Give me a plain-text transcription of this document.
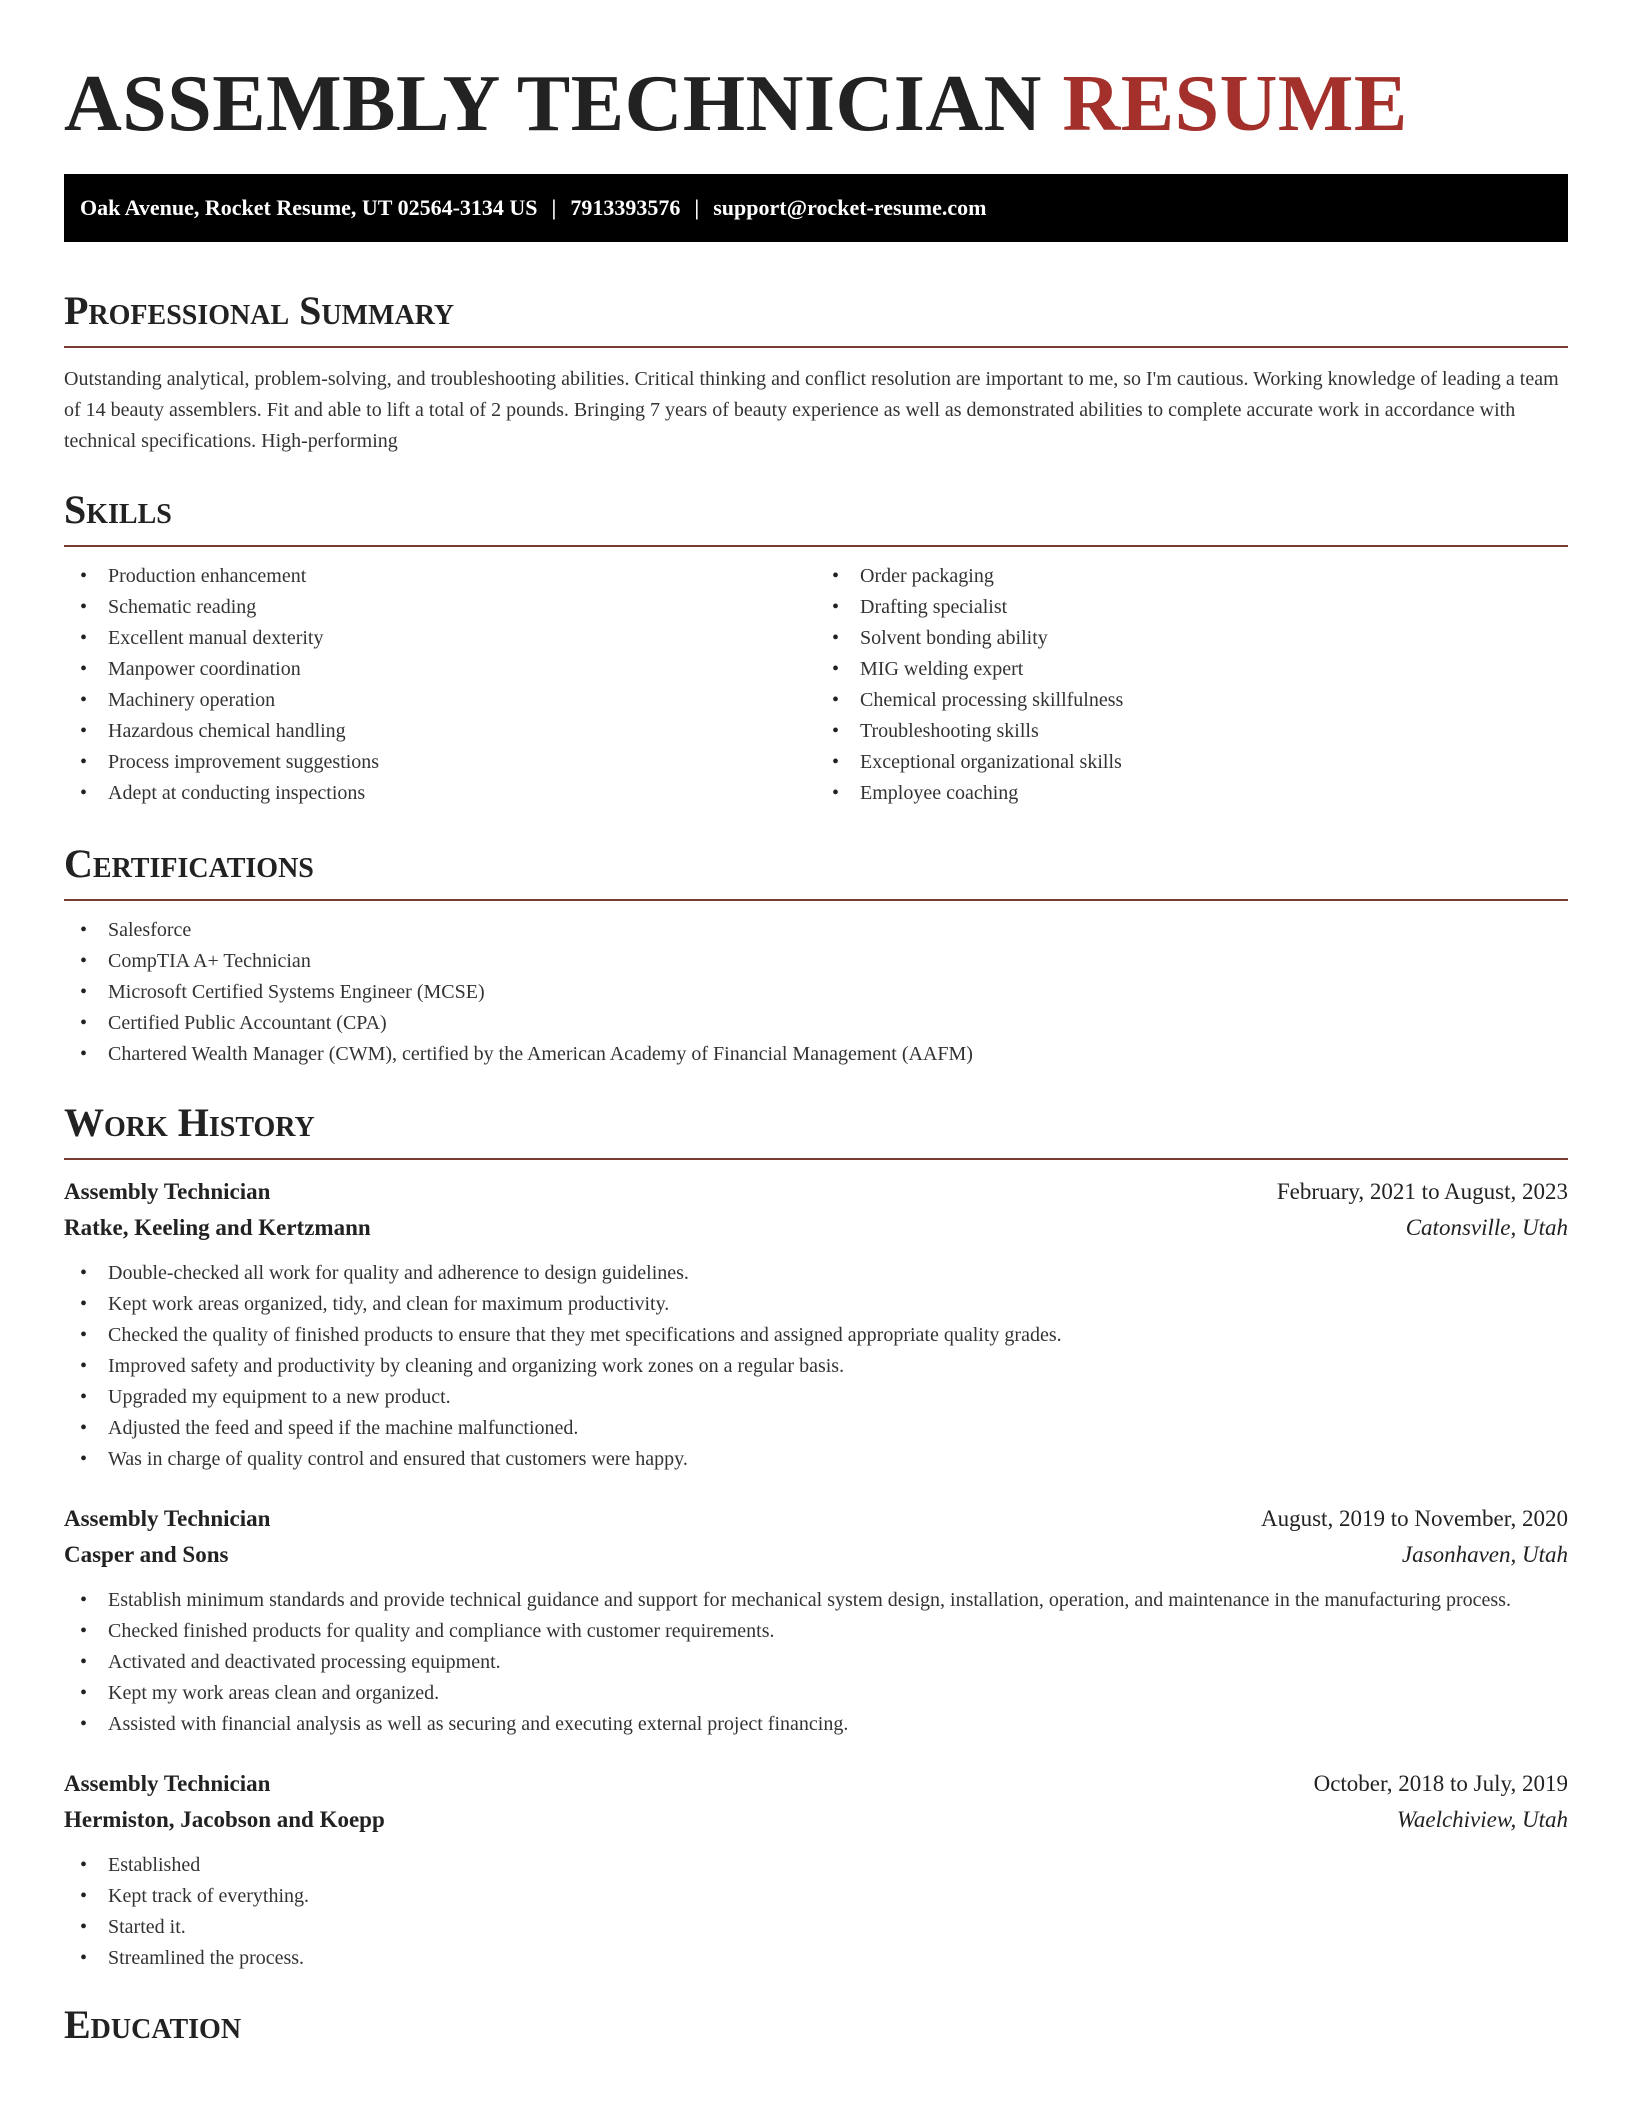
ASSEMBLY TECHNICIAN RESUME
Oak Avenue, Rocket Resume, UT 02564-3134 US | 7913393576 | support@rocket-resume.com
Professional Summary
Outstanding analytical, problem-solving, and troubleshooting abilities. Critical thinking and conflict resolution are important to me, so I'm cautious. Working knowledge of leading a team of 14 beauty assemblers. Fit and able to lift a total of 2 pounds. Bringing 7 years of beauty experience as well as demonstrated abilities to complete accurate work in accordance with technical specifications. High-performing
Skills
• Production enhancement
• Schematic reading
• Excellent manual dexterity
• Manpower coordination
• Machinery operation
• Hazardous chemical handling
• Process improvement suggestions
• Adept at conducting inspections
• Order packaging
• Drafting specialist
• Solvent bonding ability
• MIG welding expert
• Chemical processing skillfulness
• Troubleshooting skills
• Exceptional organizational skills
• Employee coaching
Certifications
• Salesforce
• CompTIA A+ Technician
• Microsoft Certified Systems Engineer (MCSE)
• Certified Public Accountant (CPA)
• Chartered Wealth Manager (CWM), certified by the American Academy of Financial Management (AAFM)
Work History
Assembly Technician	February, 2021 to August, 2023
Ratke, Keeling and Kertzmann	Catonsville, Utah
• Double-checked all work for quality and adherence to design guidelines.
• Kept work areas organized, tidy, and clean for maximum productivity.
• Checked the quality of finished products to ensure that they met specifications and assigned appropriate quality grades.
• Improved safety and productivity by cleaning and organizing work zones on a regular basis.
• Upgraded my equipment to a new product.
• Adjusted the feed and speed if the machine malfunctioned.
• Was in charge of quality control and ensured that customers were happy.
Assembly Technician	August, 2019 to November, 2020
Casper and Sons	Jasonhaven, Utah
• Establish minimum standards and provide technical guidance and support for mechanical system design, installation, operation, and maintenance in the manufacturing process.
• Checked finished products for quality and compliance with customer requirements.
• Activated and deactivated processing equipment.
• Kept my work areas clean and organized.
• Assisted with financial analysis as well as securing and executing external project financing.
Assembly Technician	October, 2018 to July, 2019
Hermiston, Jacobson and Koepp	Waelchiview, Utah
• Established
• Kept track of everything.
• Started it.
• Streamlined the process.
Education
